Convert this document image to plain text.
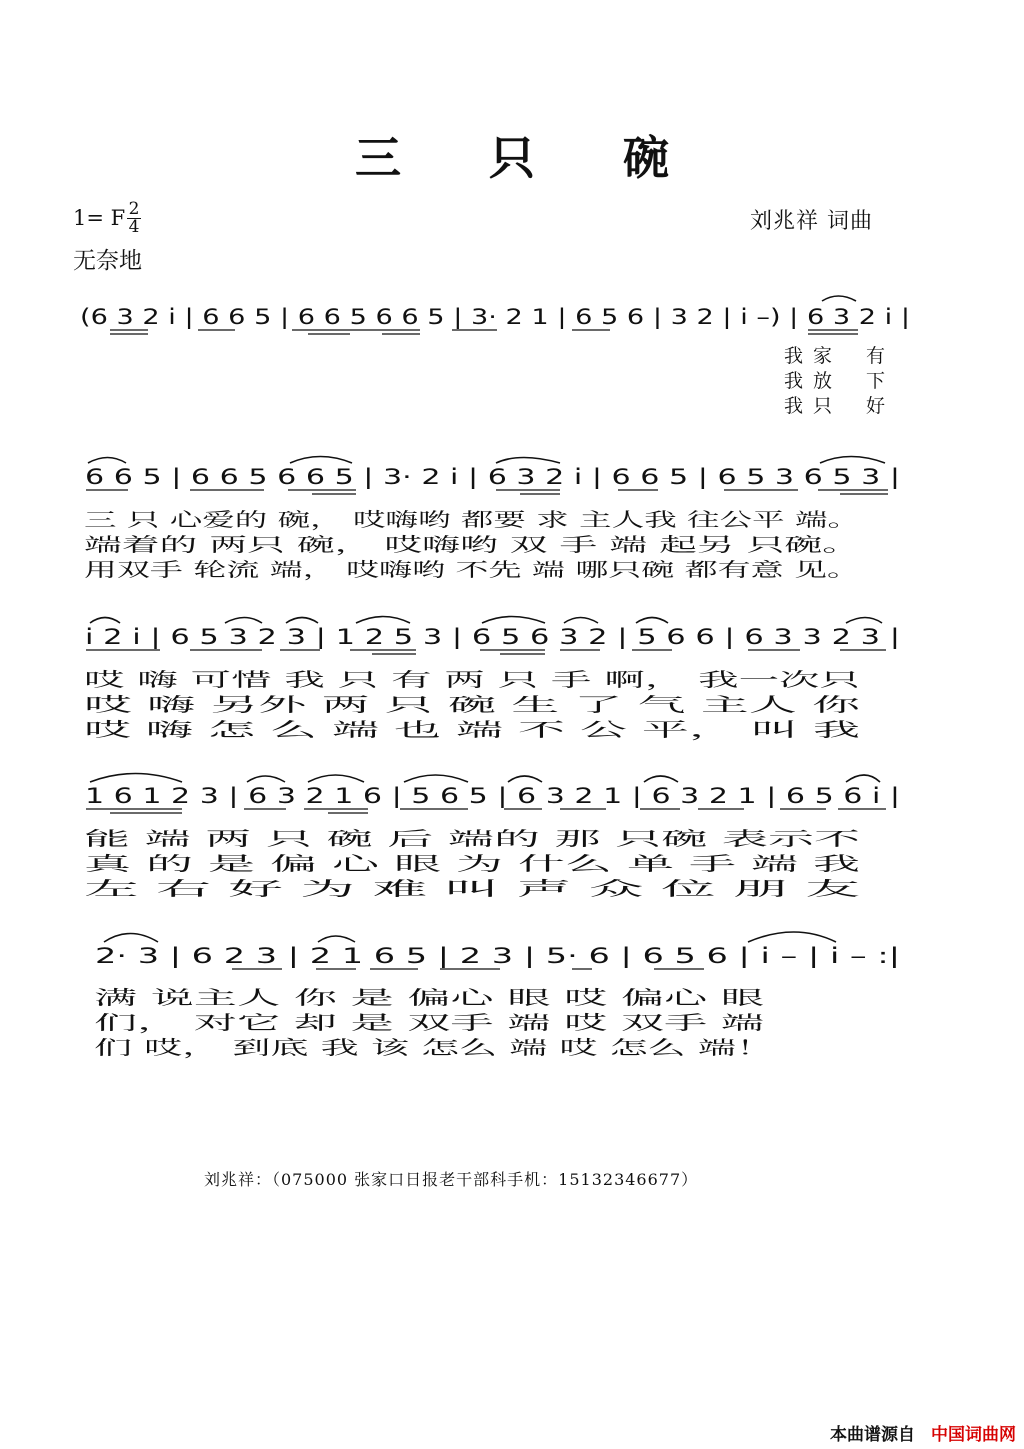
三 只 碗
1= F 2
4
无奈地
刘兆祥 词曲
(6 3 2 i | 6 6 5 | 6 6 5 6 6 5 | 3· 2 1 | 6 5 6 | 3 2 | i –) | 6 3 2 i |
我 家 有
我 放 下
我 只 好
6 6 5 | 6 6 5 6 6 5 | 3· 2 i | 6 3 2 i | 6 6 5 | 6 5 3 6 5 3 |
三 只 心爱的 碗， 哎嗨哟 都要 求 主人我 往公平 端。
端着的 两只 碗， 哎嗨哟 双 手 端 起另 只碗。
用双手 轮流 端， 哎嗨哟 不先 端 哪只碗 都有意 见。
i 2 i | 6 5 3 2 3 | 1 2 5 3 | 6 5 6 3 2 | 5 6 6 | 6 3 3 2 3 |
哎 嗨 可惜 我 只 有 两 只 手 啊， 我一次只
哎 嗨 另外 两 只 碗 生 了 气 主人 你
哎 嗨 怎 么 端 也 端 不 公 平， 叫 我
1 6 1 2 3 | 6 3 2 1 6 | 5 6 5 | 6 3 2 1 | 6 3 2 1 | 6 5 6 i |
能 端 两 只 碗 后 端的 那 只碗 表示不
真 的 是 偏 心 眼 为 什么 单 手 端 我
左 右 好 为 难 叫 声 众 位 朋 友
2· 3 | 6 2 3 | 2 1 6 5 | 2 3 | 5· 6 | 6 5 6 | i – | i – :|
满 说主人 你 是 偏心 眼 哎 偏心 眼
们， 对它 却 是 双手 端 哎 双手 端
们 哎， 到底 我 该 怎么 端 哎 怎么 端！
刘兆祥：（075000 张家口日报老干部科手机：15132346677）
本曲谱源自 中国词曲网
